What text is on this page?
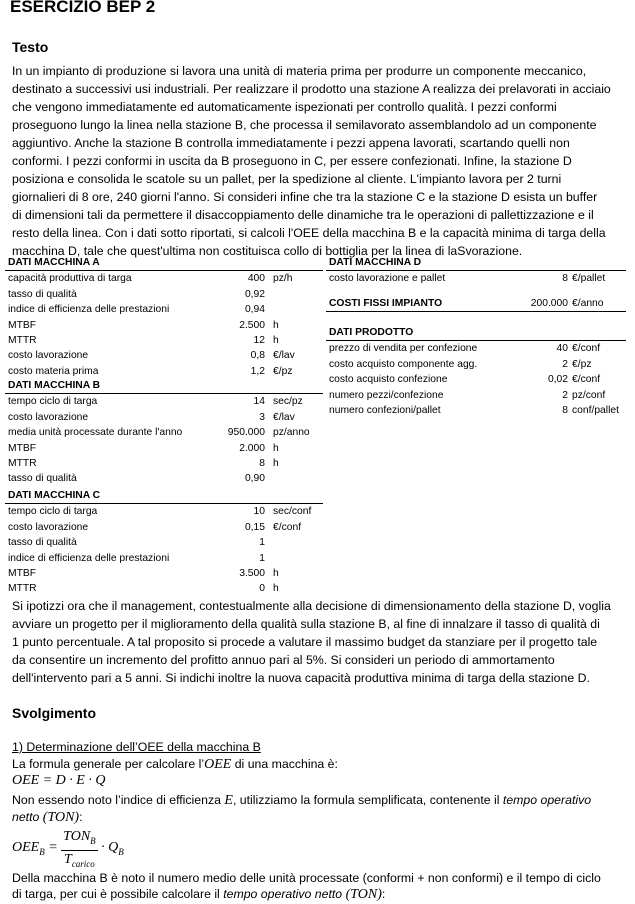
ESERCIZIO BEP 2
Testo
In un impianto di produzione si lavora una unità di materia prima per produrre un componente meccanico,
destinato a successivi usi industriali. Per realizzare il prodotto una stazione A realizza dei prelavorati in acciaio
che vengono immediatamente ed automaticamente ispezionati per controllo qualità. I pezzi conformi
proseguono lungo la linea nella stazione B, che processa il semilavorato assemblandolo ad un componente
aggiuntivo. Anche la stazione B controlla immediatamente i pezzi appena lavorati, scartando quelli non
conformi. I pezzi conformi in uscita da B proseguono in C, per essere confezionati. Infine, la stazione D
posiziona e consolida le scatole su un pallet, per la spedizione al cliente. L'impianto lavora per 2 turni
giornalieri di 8 ore, 240 giorni l'anno. Si consideri infine che tra la stazione C e la stazione D esista un buffer
di dimensioni tali da permettere il disaccoppiamento delle dinamiche tra le operazioni di pallettizzazione e il
resto della linea. Con i dati sotto riportati, si calcoli l'OEE della macchina B e la capacità minima di targa della
macchina D, tale che quest'ultima non costituisca collo di bottiglia per la linea di laSvorazione.
DATI MACCHINA A
capacità produttiva di targa	400 pz/h
tasso di qualità	0,92
indice di efficienza delle prestazioni	0,94
MTBF	2.500 h
MTTR	12 h
costo lavorazione	0,8 €/lav
costo materia prima	1,2 €/pz
DATI MACCHINA B
tempo ciclo di targa	14 sec/pz
costo lavorazione	3 €/lav
media unità processate durante l'anno	950.000 pz/anno
MTBF	2.000 h
MTTR	8 h
tasso di qualità	0,90
DATI MACCHINA C
tempo ciclo di targa	10 sec/conf
costo lavorazione	0,15 €/conf
tasso di qualità	1
indice di efficienza delle prestazioni	1
MTBF	3.500 h
MTTR	0 h
DATI MACCHINA D
costo lavorazione e pallet	8 €/pallet
COSTI FISSI IMPIANTO	200.000 €/anno
DATI PRODOTTO
prezzo di vendita per confezione	40 €/conf
costo acquisto componente agg.	2 €/pz
costo acquisto confezione	0,02 €/conf
numero pezzi/confezione	2 pz/conf
numero confezioni/pallet	8 conf/pallet
Si ipotizzi ora che il management, contestualmente alla decisione di dimensionamento della stazione D, voglia
avviare un progetto per il miglioramento della qualità sulla stazione B, al fine di innalzare il tasso di qualità di
1 punto percentuale. A tal proposito si procede a valutare il massimo budget da stanziare per il progetto tale
da consentire un incremento del profitto annuo pari al 5%. Si consideri un periodo di ammortamento
dell'intervento pari a 5 anni. Si indichi inoltre la nuova capacità produttiva minima di targa della stazione D.
Svolgimento
1) Determinazione dell’OEE della macchina B
La formula generale per calcolare l’OEE di una macchina è:
OEE = D · E · Q
Non essendo noto l’indice di efficienza E, utilizziamo la formula semplificata, contenente il tempo operativo
netto (TON):
$OEE_B = \frac{TON_B}{T_{carico}} \cdot Q_B$
Della macchina B è noto il numero medio delle unità processate (conformi + non conformi) e il tempo di ciclo
di targa, per cui è possibile calcolare il tempo operativo netto (TON):
